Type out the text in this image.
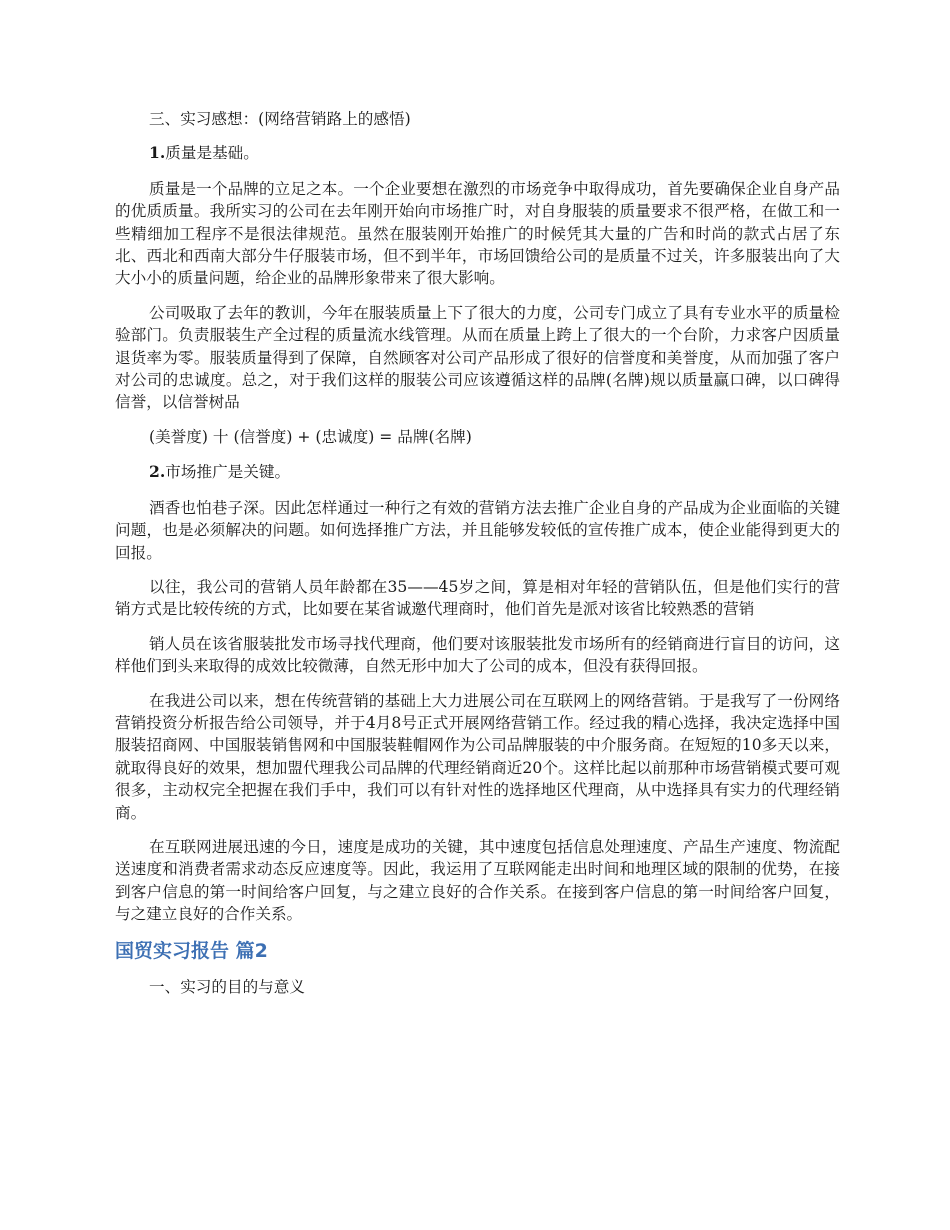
三、实习感想：(网络营销路上的感悟)

1.质量是基础。

质量是一个品牌的立足之本。一个企业要想在激烈的市场竞争中取得成功，首先要确保企业自身产品的优质质量。我所实习的公司在去年刚开始向市场推广时，对自身服装的质量要求不很严格，在做工和一些精细加工程序不是很法律规范。虽然在服装刚开始推广的时候凭其大量的广告和时尚的款式占居了东北、西北和西南大部分牛仔服装市场，但不到半年，市场回馈给公司的是质量不过关，许多服装出向了大大小小的质量问题，给企业的品牌形象带来了很大影响。

公司吸取了去年的教训，今年在服装质量上下了很大的力度，公司专门成立了具有专业水平的质量检验部门。负责服装生产全过程的质量流水线管理。从而在质量上跨上了很大的一个台阶，力求客户因质量退货率为零。服装质量得到了保障，自然顾客对公司产品形成了很好的信誉度和美誉度，从而加强了客户对公司的忠诚度。总之，对于我们这样的服装公司应该遵循这样的品牌(名牌)规以质量赢口碑，以口碑得信誉，以信誉树品

(美誉度) 十 (信誉度) + (忠诚度) = 品牌(名牌)

2.市场推广是关键。

酒香也怕巷子深。因此怎样通过一种行之有效的营销方法去推广企业自身的产品成为企业面临的关键问题，也是必须解决的问题。如何选择推广方法，并且能够发较低的宣传推广成本，使企业能得到更大的回报。

以往，我公司的营销人员年龄都在35——45岁之间，算是相对年轻的营销队伍，但是他们实行的营销方式是比较传统的方式，比如要在某省诚邀代理商时，他们首先是派对该省比较熟悉的营销

销人员在该省服装批发市场寻找代理商，他们要对该服装批发市场所有的经销商进行盲目的访问，这样他们到头来取得的成效比较微薄，自然无形中加大了公司的成本，但没有获得回报。

在我进公司以来，想在传统营销的基础上大力进展公司在互联网上的网络营销。于是我写了一份网络营销投资分析报告给公司领导，并于4月8号正式开展网络营销工作。经过我的精心选择，我决定选择中国服装招商网、中国服装销售网和中国服装鞋帽网作为公司品牌服装的中介服务商。在短短的10多天以来，就取得良好的效果，想加盟代理我公司品牌的代理经销商近20个。这样比起以前那种市场营销模式要可观很多，主动权完全把握在我们手中，我们可以有针对性的选择地区代理商，从中选择具有实力的代理经销商。

在互联网进展迅速的今日，速度是成功的关键，其中速度包括信息处理速度、产品生产速度、物流配送速度和消费者需求动态反应速度等。因此，我运用了互联网能走出时间和地理区域的限制的优势，在接到客户信息的第一时间给客户回复，与之建立良好的合作关系。在接到客户信息的第一时间给客户回复，与之建立良好的合作关系。

国贸实习报告 篇2

一、实习的目的与意义
